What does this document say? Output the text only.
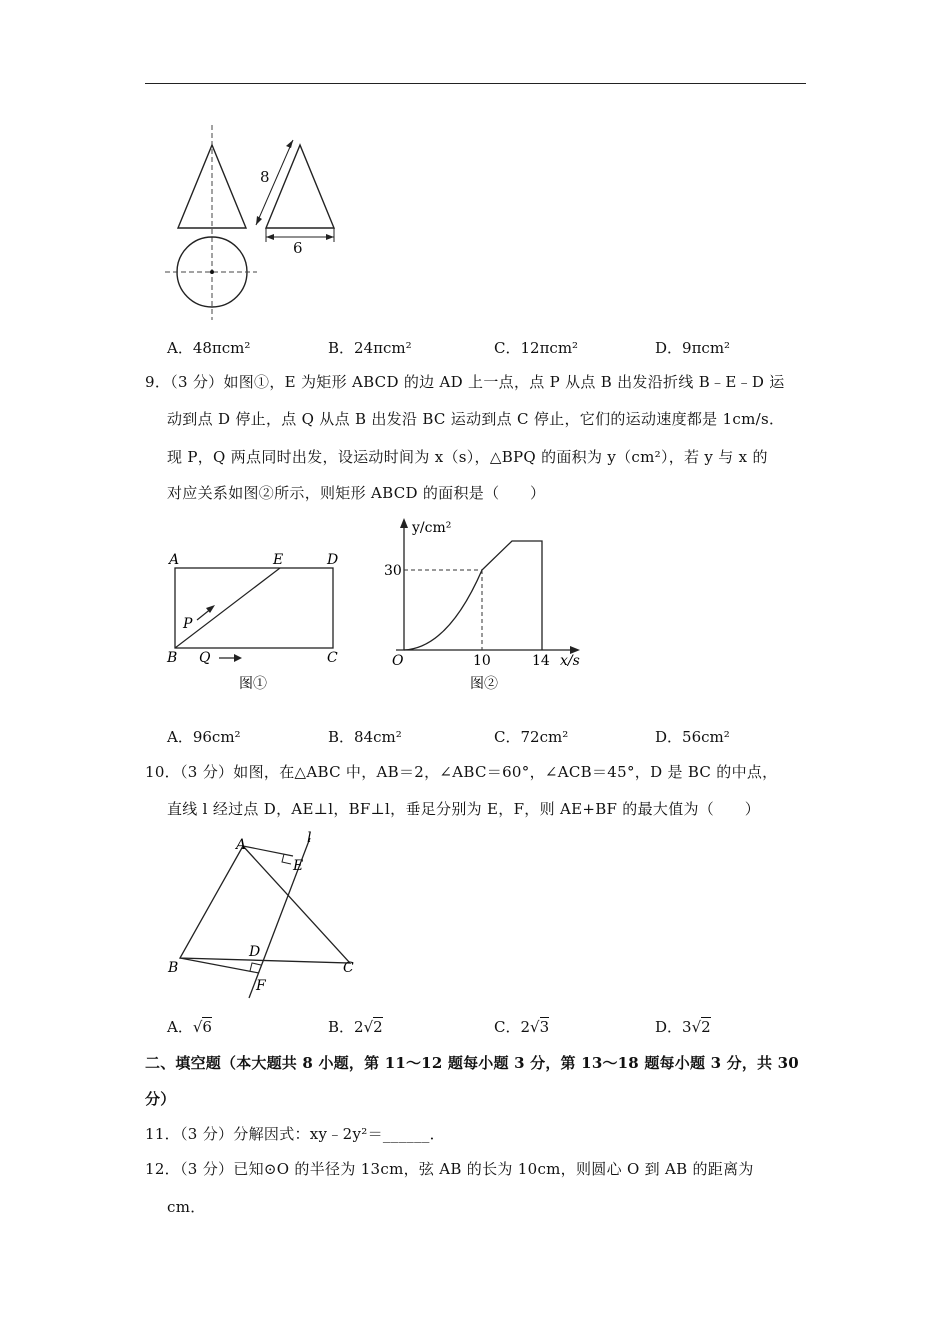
8
6
A．48πcm²	B．24πcm²	C．12πcm²	D．9πcm²
9．（3 分）如图①，E 为矩形 ABCD 的边 AD 上一点，点 P 从点 B 出发沿折线 B﹣E﹣D 运
动到点 D 停止，点 Q 从点 B 出发沿 BC 运动到点 C 停止，它们的运动速度都是 1cm/s．
现 P，Q 两点同时出发，设运动时间为 x（s），△BPQ 的面积为 y（cm²），若 y 与 x 的
对应关系如图②所示，则矩形 ABCD 的面积是（　　）
A	E	D
P
B Q	C
图①
y/cm²
30
O	10	14 x/s
图②
A．96cm²	B．84cm²	C．72cm²	D．56cm²
10．（3 分）如图，在△ABC 中，AB＝2，∠ABC＝60°，∠ACB＝45°，D 是 BC 的中点，
直线 l 经过点 D，AE⊥l，BF⊥l，垂足分别为 E，F，则 AE+BF 的最大值为（　　）
A	l
E
D
B	C
F
A．√6	B．2√2	C．2√3	D．3√2
二、填空题（本大题共 8 小题，第 11～12 题每小题 3 分，第 13～18 题每小题 3 分，共 30
分）
11．（3 分）分解因式：xy﹣2y²＝______．
12．（3 分）已知⊙O 的半径为 13cm，弦 AB 的长为 10cm，则圆心 O 到 AB 的距离为
cm．
